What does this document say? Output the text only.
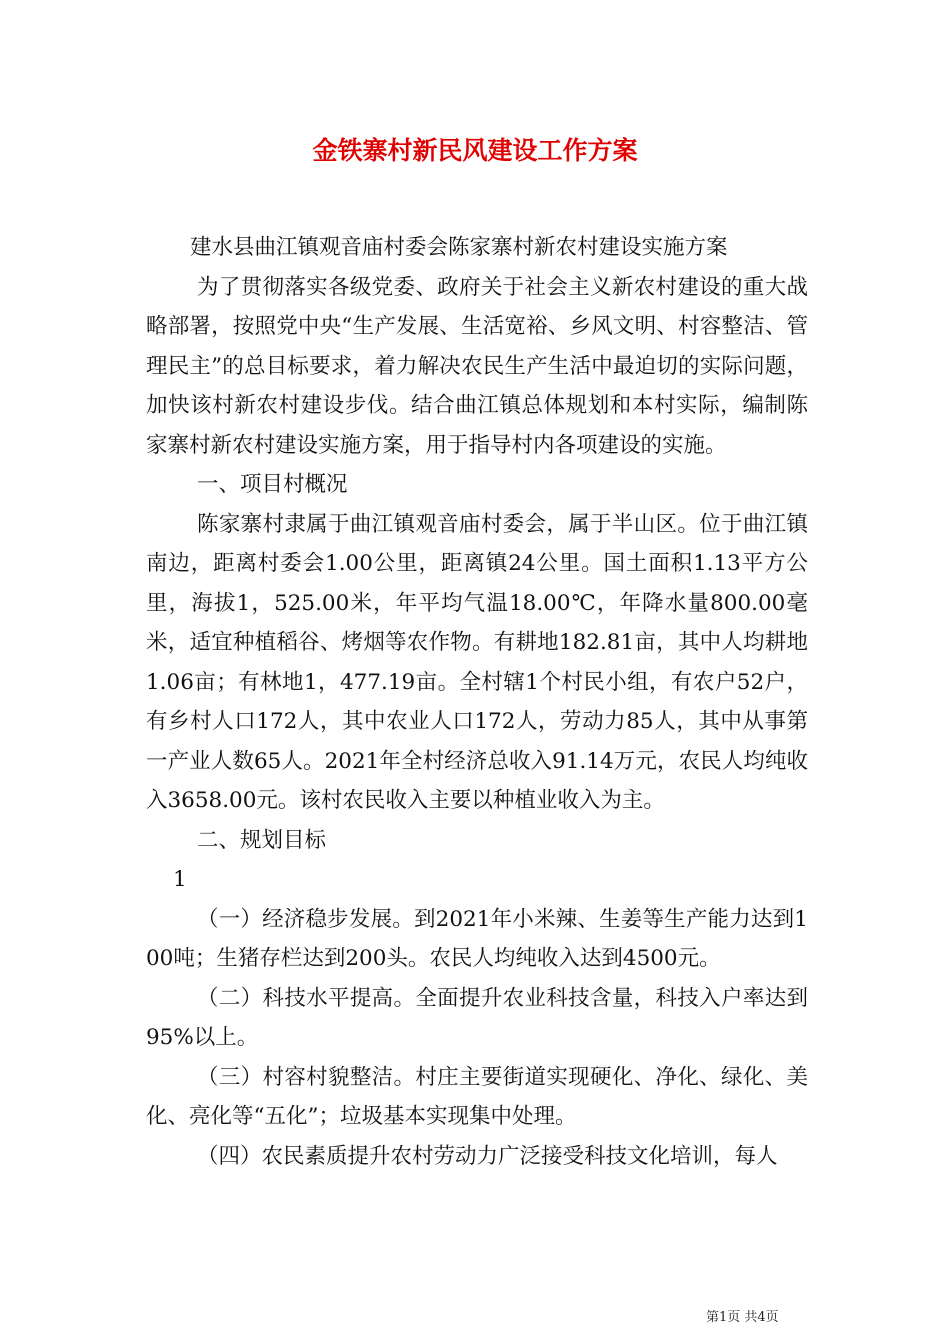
金铁寨村新民风建设工作方案

建水县曲江镇观音庙村委会陈家寨村新农村建设实施方案

为了贯彻落实各级党委、政府关于社会主义新农村建设的重大战略部署，按照党中央“生产发展、生活宽裕、乡风文明、村容整洁、管理民主”的总目标要求，着力解决农民生产生活中最迫切的实际问题，加快该村新农村建设步伐。结合曲江镇总体规划和本村实际，编制陈家寨村新农村建设实施方案，用于指导村内各项建设的实施。

一、项目村概况

陈家寨村隶属于曲江镇观音庙村委会，属于半山区。位于曲江镇南边，距离村委会1.00公里，距离镇24公里。国土面积1.13平方公里，海拔1，525.00米，年平均气温18.00℃，年降水量800.00毫米，适宜种植稻谷、烤烟等农作物。有耕地182.81亩，其中人均耕地1.06亩；有林地1，477.19亩。全村辖1个村民小组，有农户52户，有乡村人口172人，其中农业人口172人，劳动力85人，其中从事第一产业人数65人。2021年全村经济总收入91.14万元，农民人均纯收入3658.00元。该村农民收入主要以种植业收入为主。

二、规划目标

1

（一）经济稳步发展。到2021年小米辣、生姜等生产能力达到100吨；生猪存栏达到200头。农民人均纯收入达到4500元。

（二）科技水平提高。全面提升农业科技含量，科技入户率达到95%以上。

（三）村容村貌整洁。村庄主要街道实现硬化、净化、绿化、美化、亮化等“五化”；垃圾基本实现集中处理。

（四）农民素质提升农村劳动力广泛接受科技文化培训，每人

第1页 共4页
